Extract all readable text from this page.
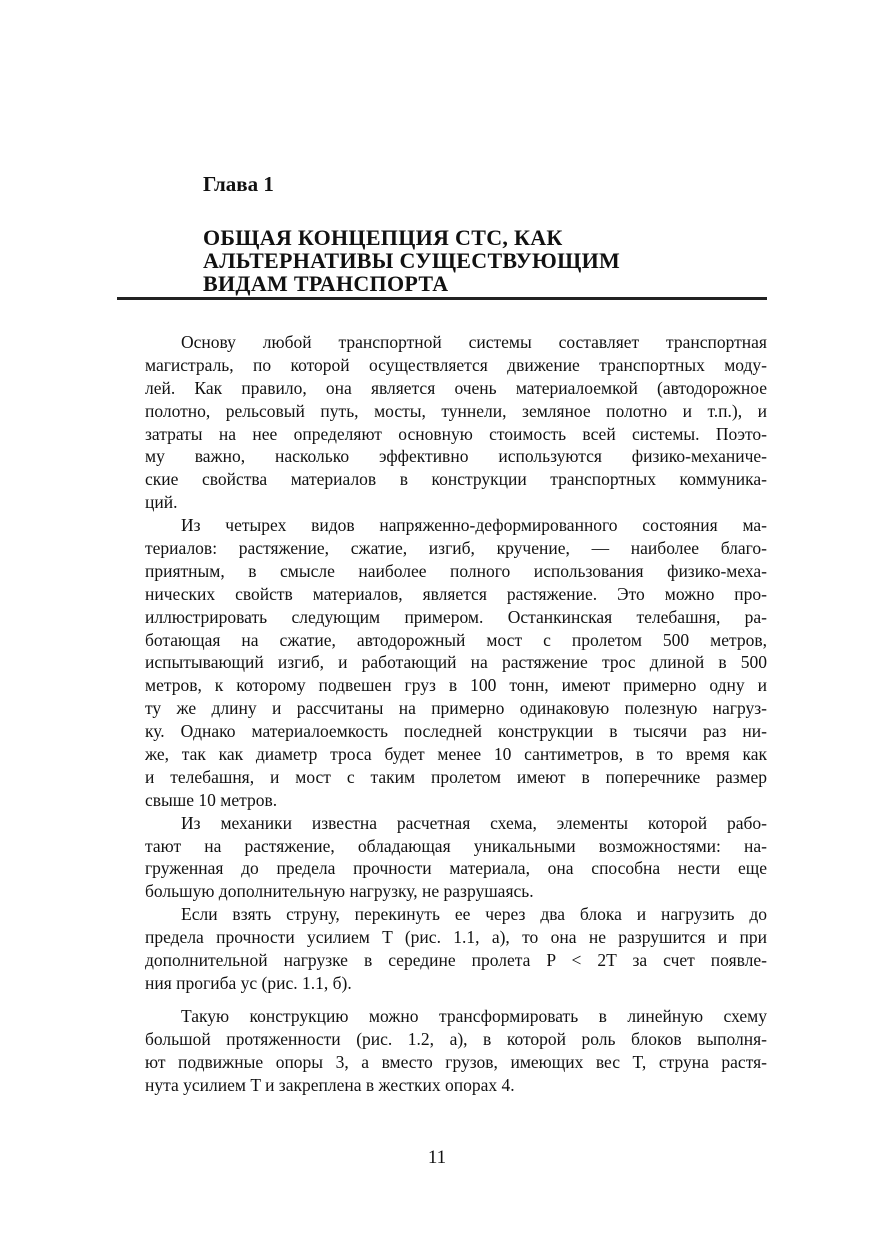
Глава 1
ОБЩАЯ КОНЦЕПЦИЯ СТС, КАК
АЛЬТЕРНАТИВЫ СУЩЕСТВУЮЩИМ
ВИДАМ ТРАНСПОРТА
Основу любой транспортной системы составляет транспортная
магистраль, по которой осуществляется движение транспортных моду-
лей. Как правило, она является очень материалоемкой (автодорожное
полотно, рельсовый путь, мосты, туннели, земляное полотно и т.п.), и
затраты на нее определяют основную стоимость всей системы. Поэто-
му важно, насколько эффективно используются физико-механиче-
ские свойства материалов в конструкции транспортных коммуника-
ций.
Из четырех видов напряженно-деформированного состояния ма-
териалов: растяжение, сжатие, изгиб, кручение, — наиболее благо-
приятным, в смысле наиболее полного использования физико-меха-
нических свойств материалов, является растяжение. Это можно про-
иллюстрировать следующим примером. Останкинская телебашня, ра-
ботающая на сжатие, автодорожный мост с пролетом 500 метров,
испытывающий изгиб, и работающий на растяжение трос длиной в 500
метров, к которому подвешен груз в 100 тонн, имеют примерно одну и
ту же длину и рассчитаны на примерно одинаковую полезную нагруз-
ку. Однако материалоемкость последней конструкции в тысячи раз ни-
же, так как диаметр троса будет менее 10 сантиметров, в то время как
и телебашня, и мост с таким пролетом имеют в поперечнике размер
свыше 10 метров.
Из механики известна расчетная схема, элементы которой рабо-
тают на растяжение, обладающая уникальными возможностями: на-
груженная до предела прочности материала, она способна нести еще
большую дополнительную нагрузку, не разрушаясь.
Если взять струну, перекинуть ее через два блока и нагрузить до
предела прочности усилием T (рис. 1.1, а), то она не разрушится и при
дополнительной нагрузке в середине пролета P < 2T за счет появле-
ния прогиба yc (рис. 1.1, б).
Такую конструкцию можно трансформировать в линейную схему
большой протяженности (рис. 1.2, а), в которой роль блоков выполня-
ют подвижные опоры 3, а вместо грузов, имеющих вес T, струна растя-
нута усилием T и закреплена в жестких опорах 4.
11
